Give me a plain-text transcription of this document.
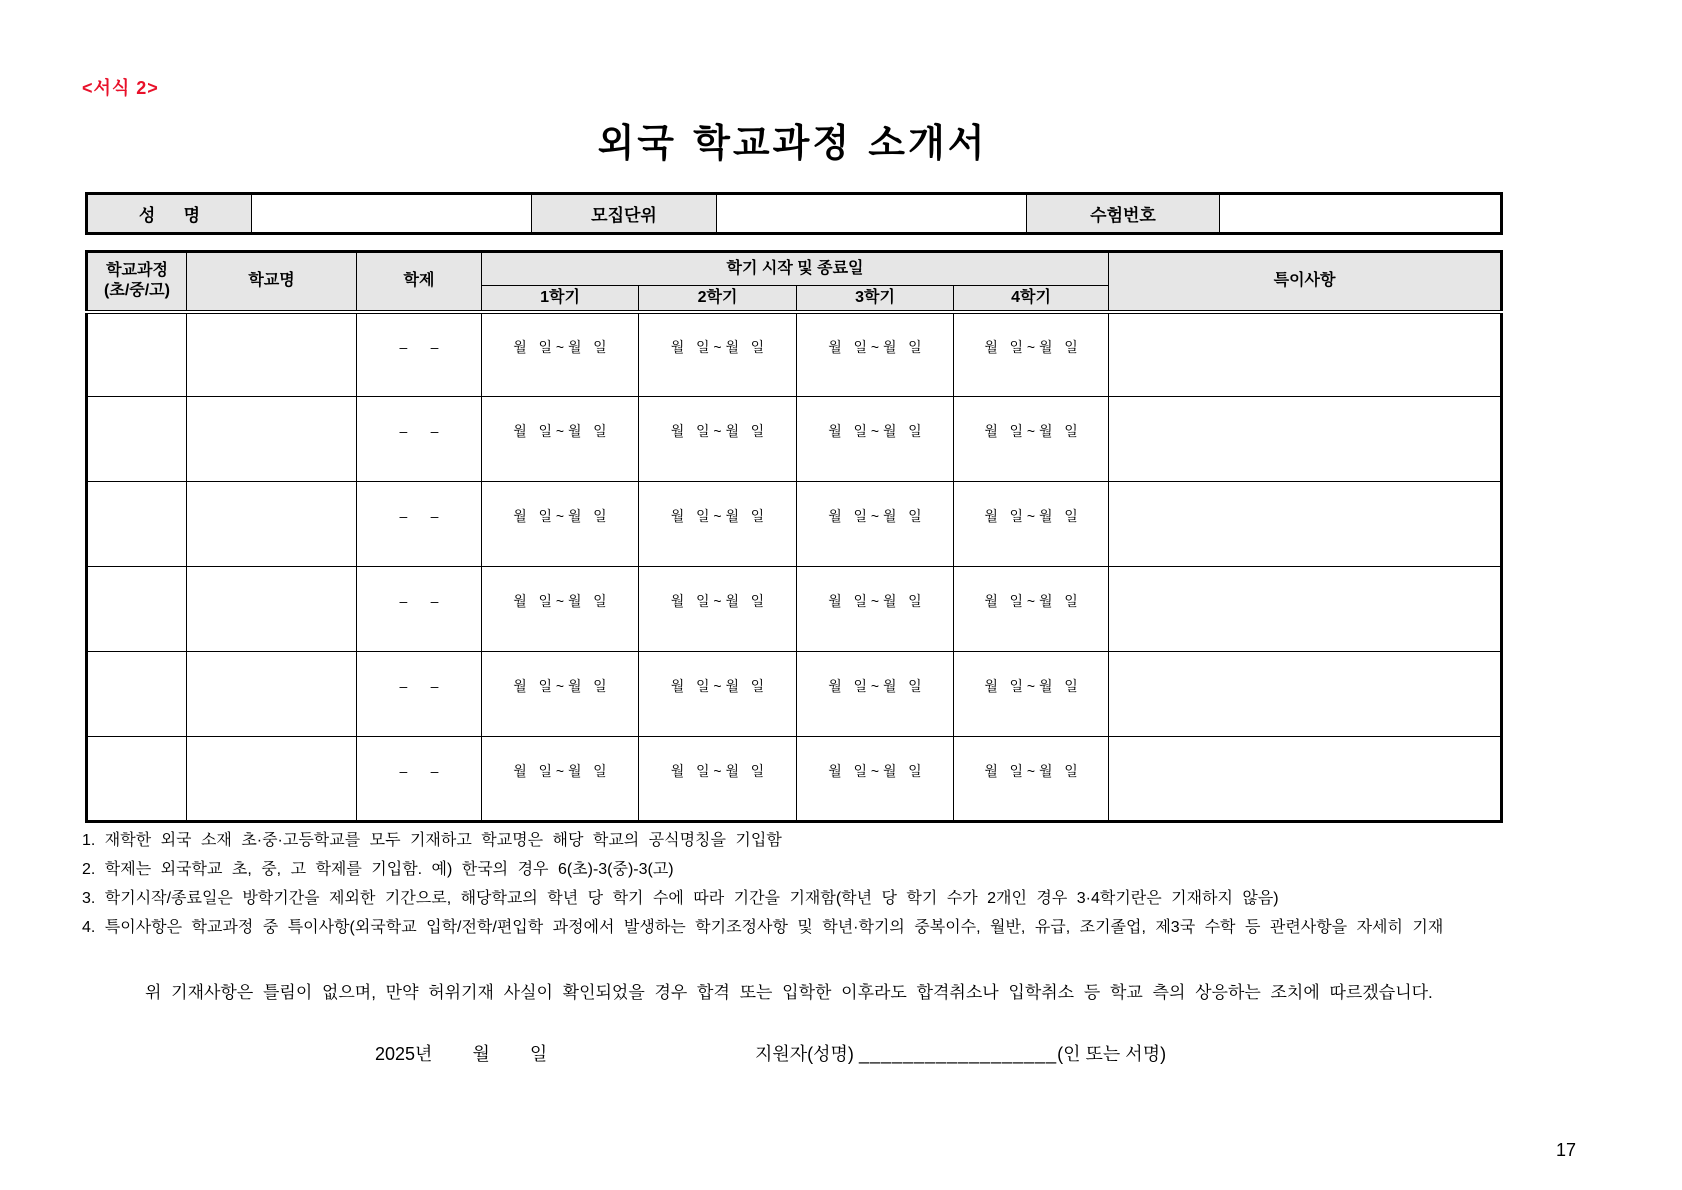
<서식 2>
외국 학교과정 소개서
성      명		모집단위		수험번호	
학교과정
(초/중/고)	학교명	학제	학기 시작 및 종료일				특이사항
			1학기	2학기	3학기	4학기	
		–      –	월   일 ~ 월   일	월   일 ~ 월   일	월   일 ~ 월   일	월   일 ~ 월   일	
		–      –	월   일 ~ 월   일	월   일 ~ 월   일	월   일 ~ 월   일	월   일 ~ 월   일	
		–      –	월   일 ~ 월   일	월   일 ~ 월   일	월   일 ~ 월   일	월   일 ~ 월   일	
		–      –	월   일 ~ 월   일	월   일 ~ 월   일	월   일 ~ 월   일	월   일 ~ 월   일	
		–      –	월   일 ~ 월   일	월   일 ~ 월   일	월   일 ~ 월   일	월   일 ~ 월   일	
		–      –	월   일 ~ 월   일	월   일 ~ 월   일	월   일 ~ 월   일	월   일 ~ 월   일	
1. 재학한 외국 소재 초·중·고등학교를 모두 기재하고 학교명은 해당 학교의 공식명칭을 기입함
2. 학제는 외국학교 초, 중, 고 학제를 기입함. 예) 한국의 경우 6(초)-3(중)-3(고)
3. 학기시작/종료일은 방학기간을 제외한 기간으로, 해당학교의 학년 당 학기 수에 따라 기간을 기재함(학년 당 학기 수가 2개인 경우 3·4학기란은 기재하지 않음)
4. 특이사항은 학교과정 중 특이사항(외국학교 입학/전학/편입학 과정에서 발생하는 학기조정사항 및 학년·학기의 중복이수, 월반, 유급, 조기졸업, 제3국 수학 등 관련사항을 자세히 기재
위 기재사항은 틀림이 없으며, 만약 허위기재 사실이 확인되었을 경우 합격 또는 입학한 이후라도 합격취소나 입학취소 등 학교 측의 상응하는 조치에 따르겠습니다.
2025년        월        일	지원자(성명) __________________(인 또는 서명)
17
